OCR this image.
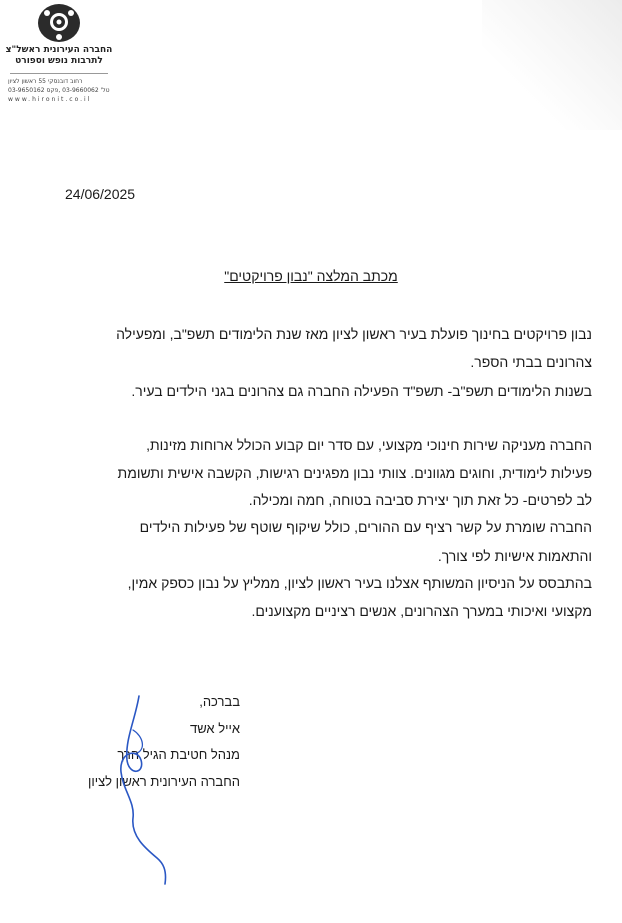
החברה העירונית ראשל"צ
לתרבות נופש וספורט
רחוב דובנסקי 55 ראשון לציון
טל' 03-9660062 ,פקס 03-9650162
www.hironit.co.il
24/06/2025
מכתב המלצה "נבון פרויקטים"
נבון פרויקטים בחינוך פועלת בעיר ראשון לציון מאז שנת הלימודים תשפ"ב, ומפעילה
צהרונים בבתי הספר.
בשנות הלימודים תשפ"ב- תשפ"ד הפעילה החברה גם צהרונים בגני הילדים בעיר.
החברה מעניקה שירות חינוכי מקצועי, עם סדר יום קבוע הכולל ארוחות מזינות,
פעילות לימודית, וחוגים מגוונים. צוותי נבון מפגינים רגישות, הקשבה אישית ותשומת
לב לפרטים- כל זאת תוך יצירת סביבה בטוחה, חמה ומכילה.
החברה שומרת על קשר רציף עם ההורים, כולל שיקוף שוטף של פעילות הילדים
והתאמות אישיות לפי צורך.
בהתבסס על הניסיון המשותף אצלנו בעיר ראשון לציון, ממליץ על נבון כספק אמין,
מקצועי ואיכותי במערך הצהרונים, אנשים רציניים מקצוענים.
בברכה,
אייל אשד
מנהל חטיבת הגיל הרך
החברה העירונית ראשון לציון
